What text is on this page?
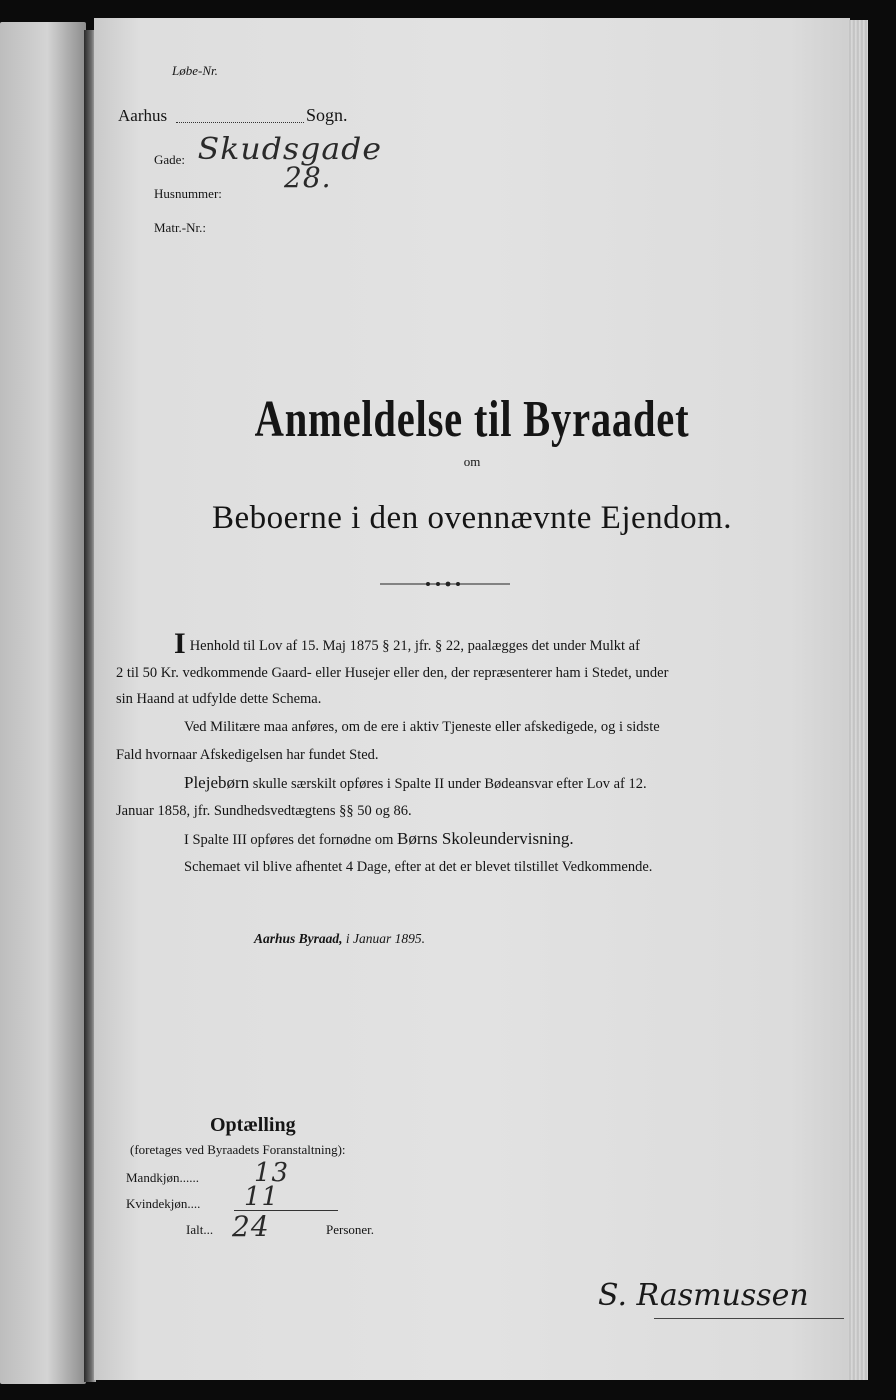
Løbe-Nr.
Aarhus	Sogn.
Gade: Skudsgade
Husnummer: 28.
Matr.-Nr.:
Anmeldelse til Byraadet
om
Beboerne i den ovennævnte Ejendom.
I Henhold til Lov af 15. Maj 1875 § 21, jfr. § 22, paalægges det under Mulkt af
2 til 50 Kr. vedkommende Gaard- eller Husejer eller den, der repræsenterer ham i Stedet, under
sin Haand at udfylde dette Schema.
Ved Militære maa anføres, om de ere i aktiv Tjeneste eller afskedigede, og i sidste
Fald hvornaar Afskedigelsen har fundet Sted.
Plejebørn skulle særskilt opføres i Spalte II under Bødeansvar efter Lov af 12.
Januar 1858, jfr. Sundhedsvedtægtens §§ 50 og 86.
I Spalte III opføres det fornødne om Børns Skoleundervisning.
Schemaet vil blive afhentet 4 Dage, efter at det er blevet tilstillet Vedkommende.
Aarhus Byraad, i Januar 1895.
Optælling
(foretages ved Byraadets Foranstaltning):
Mandkjøn...... 13
Kvindekjøn.... 11
Ialt... 24	Personer.
S. Rasmussen
